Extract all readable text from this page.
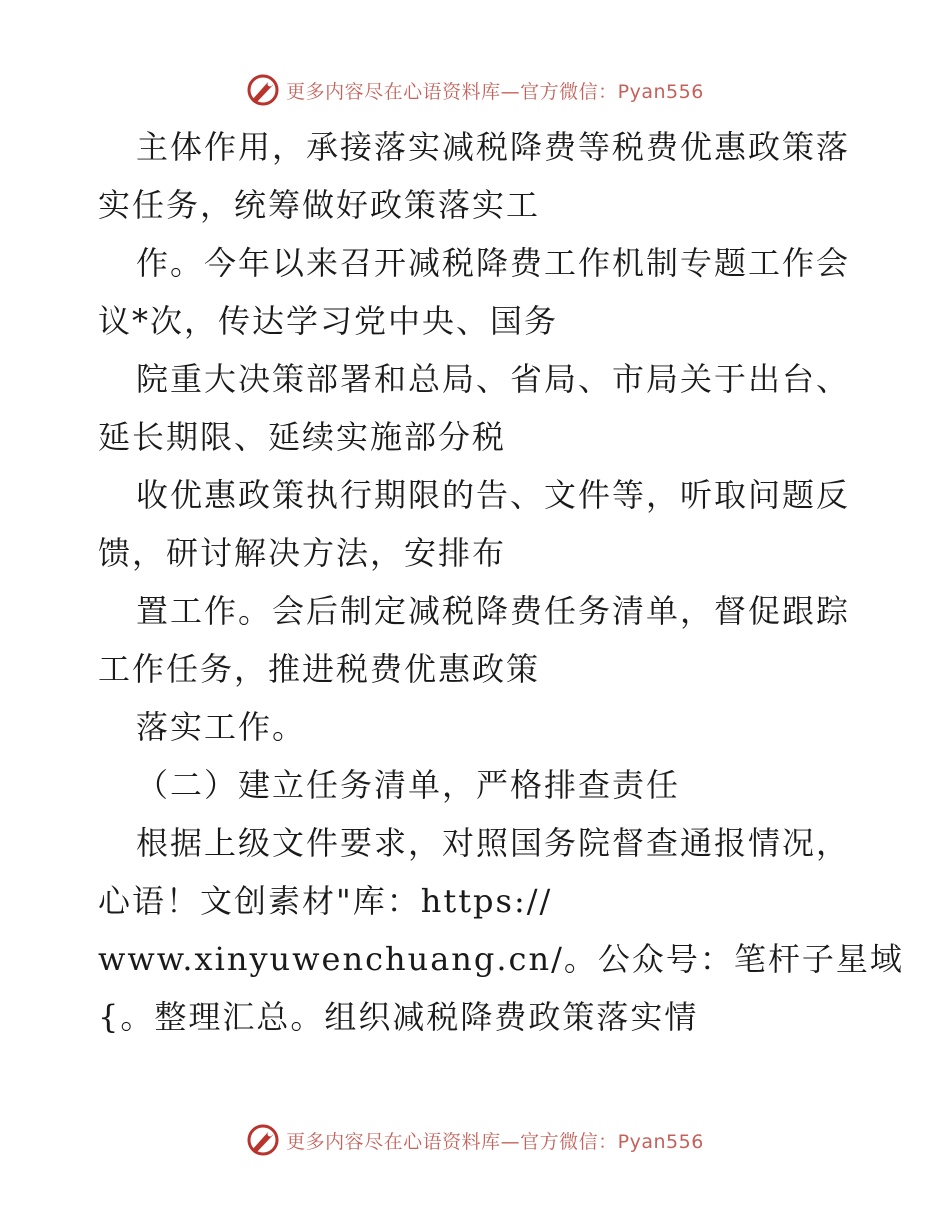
更多内容尽在心语资料库—官方微信：Pyan556
主体作用，承接落实减税降费等税费优惠政策落
实任务，统筹做好政策落实工
作。今年以来召开减税降费工作机制专题工作会
议*次，传达学习党中央、国务
院重大决策部署和总局、省局、市局关于出台、
延长期限、延续实施部分税
收优惠政策执行期限的告、文件等，听取问题反
馈，研讨解决方法，安排布
置工作。会后制定减税降费任务清单，督促跟踪
工作任务，推进税费优惠政策
落实工作。
（二）建立任务清单，严格排查责任
根据上级文件要求，对照国务院督查通报情况，
心语！文创素材"库：https://
www.xinyuwenchuang.cn/。公众号：笔杆子星域
{。整理汇总。组织减税降费政策落实情
更多内容尽在心语资料库—官方微信：Pyan556
